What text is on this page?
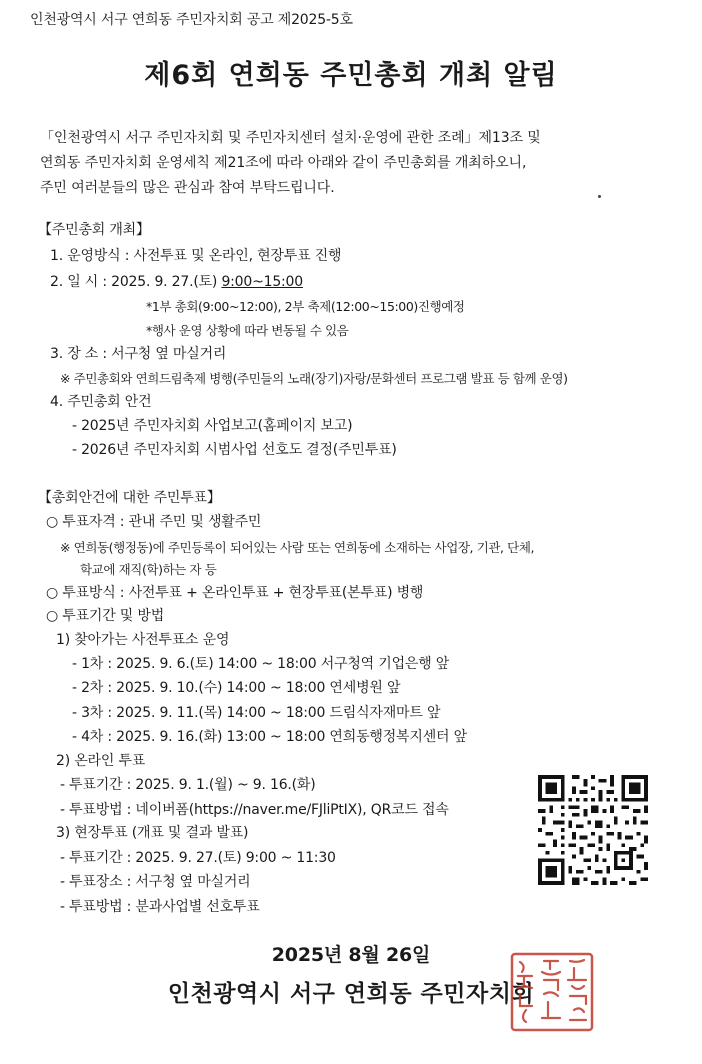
인천광역시 서구 연희동 주민자치회 공고 제2025-5호
제6회 연희동 주민총회 개최 알림
「인천광역시 서구 주민자치회 및 주민자치센터 설치·운영에 관한 조례」제13조 및
연희동 주민자치회 운영세칙 제21조에 따라 아래와 같이 주민총회를 개최하오니,
주민 여러분들의 많은 관심과 참여 부탁드립니다.
【주민총회 개최】
1. 운영방식 : 사전투표 및 온라인, 현장투표 진행
2. 일 시 : 2025. 9. 27.(토) 9:00~15:00
*1부 총회(9:00~12:00), 2부 축제(12:00~15:00)진행예정
*행사 운영 상황에 따라 변동될 수 있음
3. 장 소 : 서구청 옆 마실거리
※ 주민총회와 연희드림축제 병행(주민들의 노래(장기)자랑/문화센터 프로그램 발표 등 함께 운영)
4. 주민총회 안건
- 2025년 주민자치회 사업보고(홈페이지 보고)
- 2026년 주민자치회 시범사업 선호도 결정(주민투표)
【총회안건에 대한 주민투표】
○ 투표자격 : 관내 주민 및 생활주민
※ 연희동(행정동)에 주민등록이 되어있는 사람 또는 연희동에 소재하는 사업장, 기관, 단체,
학교에 재직(학)하는 자 등
○ 투표방식 : 사전투표 + 온라인투표 + 현장투표(본투표) 병행
○ 투표기간 및 방법
1) 찾아가는 사전투표소 운영
- 1차 : 2025. 9. 6.(토) 14:00 ~ 18:00 서구청역 기업은행 앞
- 2차 : 2025. 9. 10.(수) 14:00 ~ 18:00 연세병원 앞
- 3차 : 2025. 9. 11.(목) 14:00 ~ 18:00 드림식자재마트 앞
- 4차 : 2025. 9. 16.(화) 13:00 ~ 18:00 연희동행정복지센터 앞
2) 온라인 투표
- 투표기간 : 2025. 9. 1.(월) ~ 9. 16.(화)
- 투표방법 : 네이버폼(https://naver.me/FJliPtIX), QR코드 접속
3) 현장투표 (개표 및 결과 발표)
- 투표기간 : 2025. 9. 27.(토) 9:00 ~ 11:30
- 투표장소 : 서구청 옆 마실거리
- 투표방법 : 분과사업별 선호투표
2025년 8월 26일
인천광역시 서구 연희동 주민자치회
